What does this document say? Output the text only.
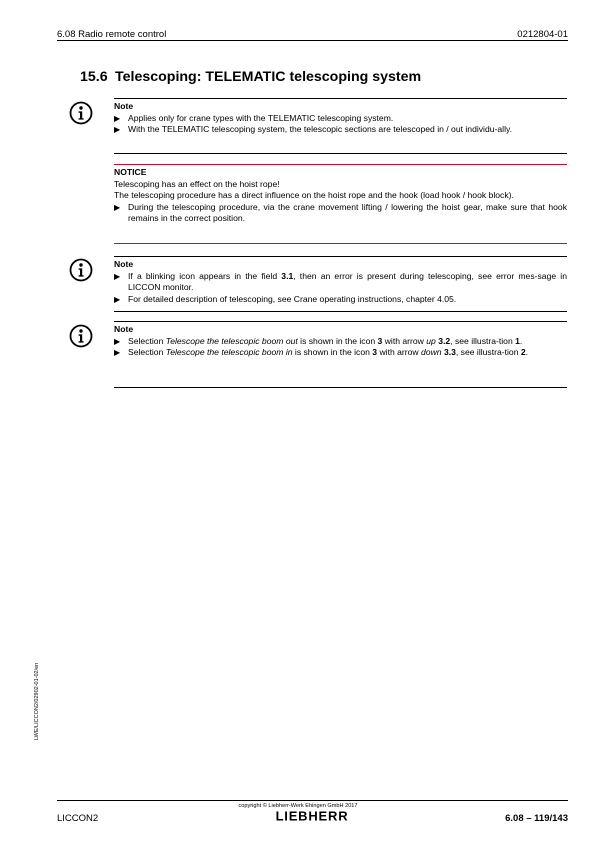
6.08 Radio remote control	0212804-01
15.6 Telescoping: TELEMATIC telescoping system
Note
▶ Applies only for crane types with the TELEMATIC telescoping system.
▶ With the TELEMATIC telescoping system, the telescopic sections are telescoped in / out individu-ally.
NOTICE
Telescoping has an effect on the hoist rope!
The telescoping procedure has a direct influence on the hoist rope and the hook (load hook / hook block).
▶ During the telescoping procedure, via the crane movement lifting / lowering the hoist gear, make sure that hook remains in the correct position.
Note
▶ If a blinking icon appears in the field 3.1, then an error is present during telescoping, see error mes-sage in LICCON monitor.
▶ For detailed description of telescoping, see Crane operating instructions, chapter 4.05.
Note
▶ Selection Telescope the telescopic boom out is shown in the icon 3 with arrow up 3.2, see illustra-tion 1.
▶ Selection Telescope the telescopic boom in is shown in the icon 3 with arrow down 3.3, see illustra-tion 2.
LWE/LICCON2/02902-01-02/en
copyright © Liebherr-Werk Ehingen GmbH 2017
LIEBHERR
LICCON2	6.08 – 119/143
